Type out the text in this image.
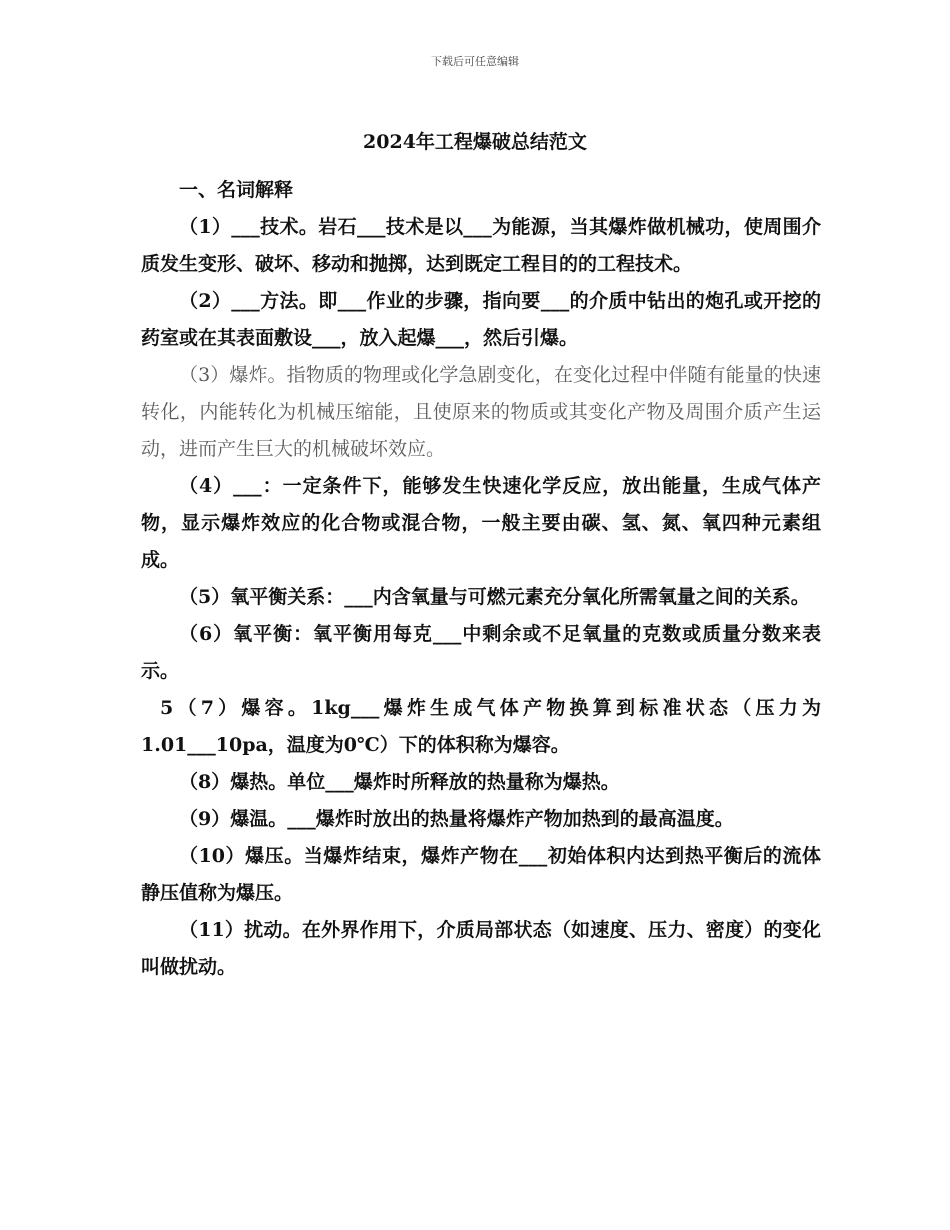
下载后可任意编辑
2024年工程爆破总结范文

一、名词解释

（1）___技术。岩石___技术是以___为能源，当其爆炸做机械功，使周围介质发生变形、破坏、移动和抛掷，达到既定工程目的的工程技术。

（2）___方法。即___作业的步骤，指向要___的介质中钻出的炮孔或开挖的药室或在其表面敷设___，放入起爆___，然后引爆。

（3）爆炸。指物质的物理或化学急剧变化，在变化过程中伴随有能量的快速转化，内能转化为机械压缩能，且使原来的物质或其变化产物及周围介质产生运动，进而产生巨大的机械破坏效应。

（4）___：一定条件下，能够发生快速化学反应，放出能量，生成气体产物，显示爆炸效应的化合物或混合物，一般主要由碳、氢、氮、氧四种元素组成。

（5）氧平衡关系：___内含氧量与可燃元素充分氧化所需氧量之间的关系。

（6）氧平衡：氧平衡用每克___中剩余或不足氧量的克数或质量分数来表示。

5（7）爆容。1kg___爆炸生成气体产物换算到标准状态（压力为1.01___10pa，温度为0℃）下的体积称为爆容。

（8）爆热。单位___爆炸时所释放的热量称为爆热。

（9）爆温。___爆炸时放出的热量将爆炸产物加热到的最高温度。

（10）爆压。当爆炸结束，爆炸产物在___初始体积内达到热平衡后的流体静压值称为爆压。

（11）扰动。在外界作用下，介质局部状态（如速度、压力、密度）的变化叫做扰动。
